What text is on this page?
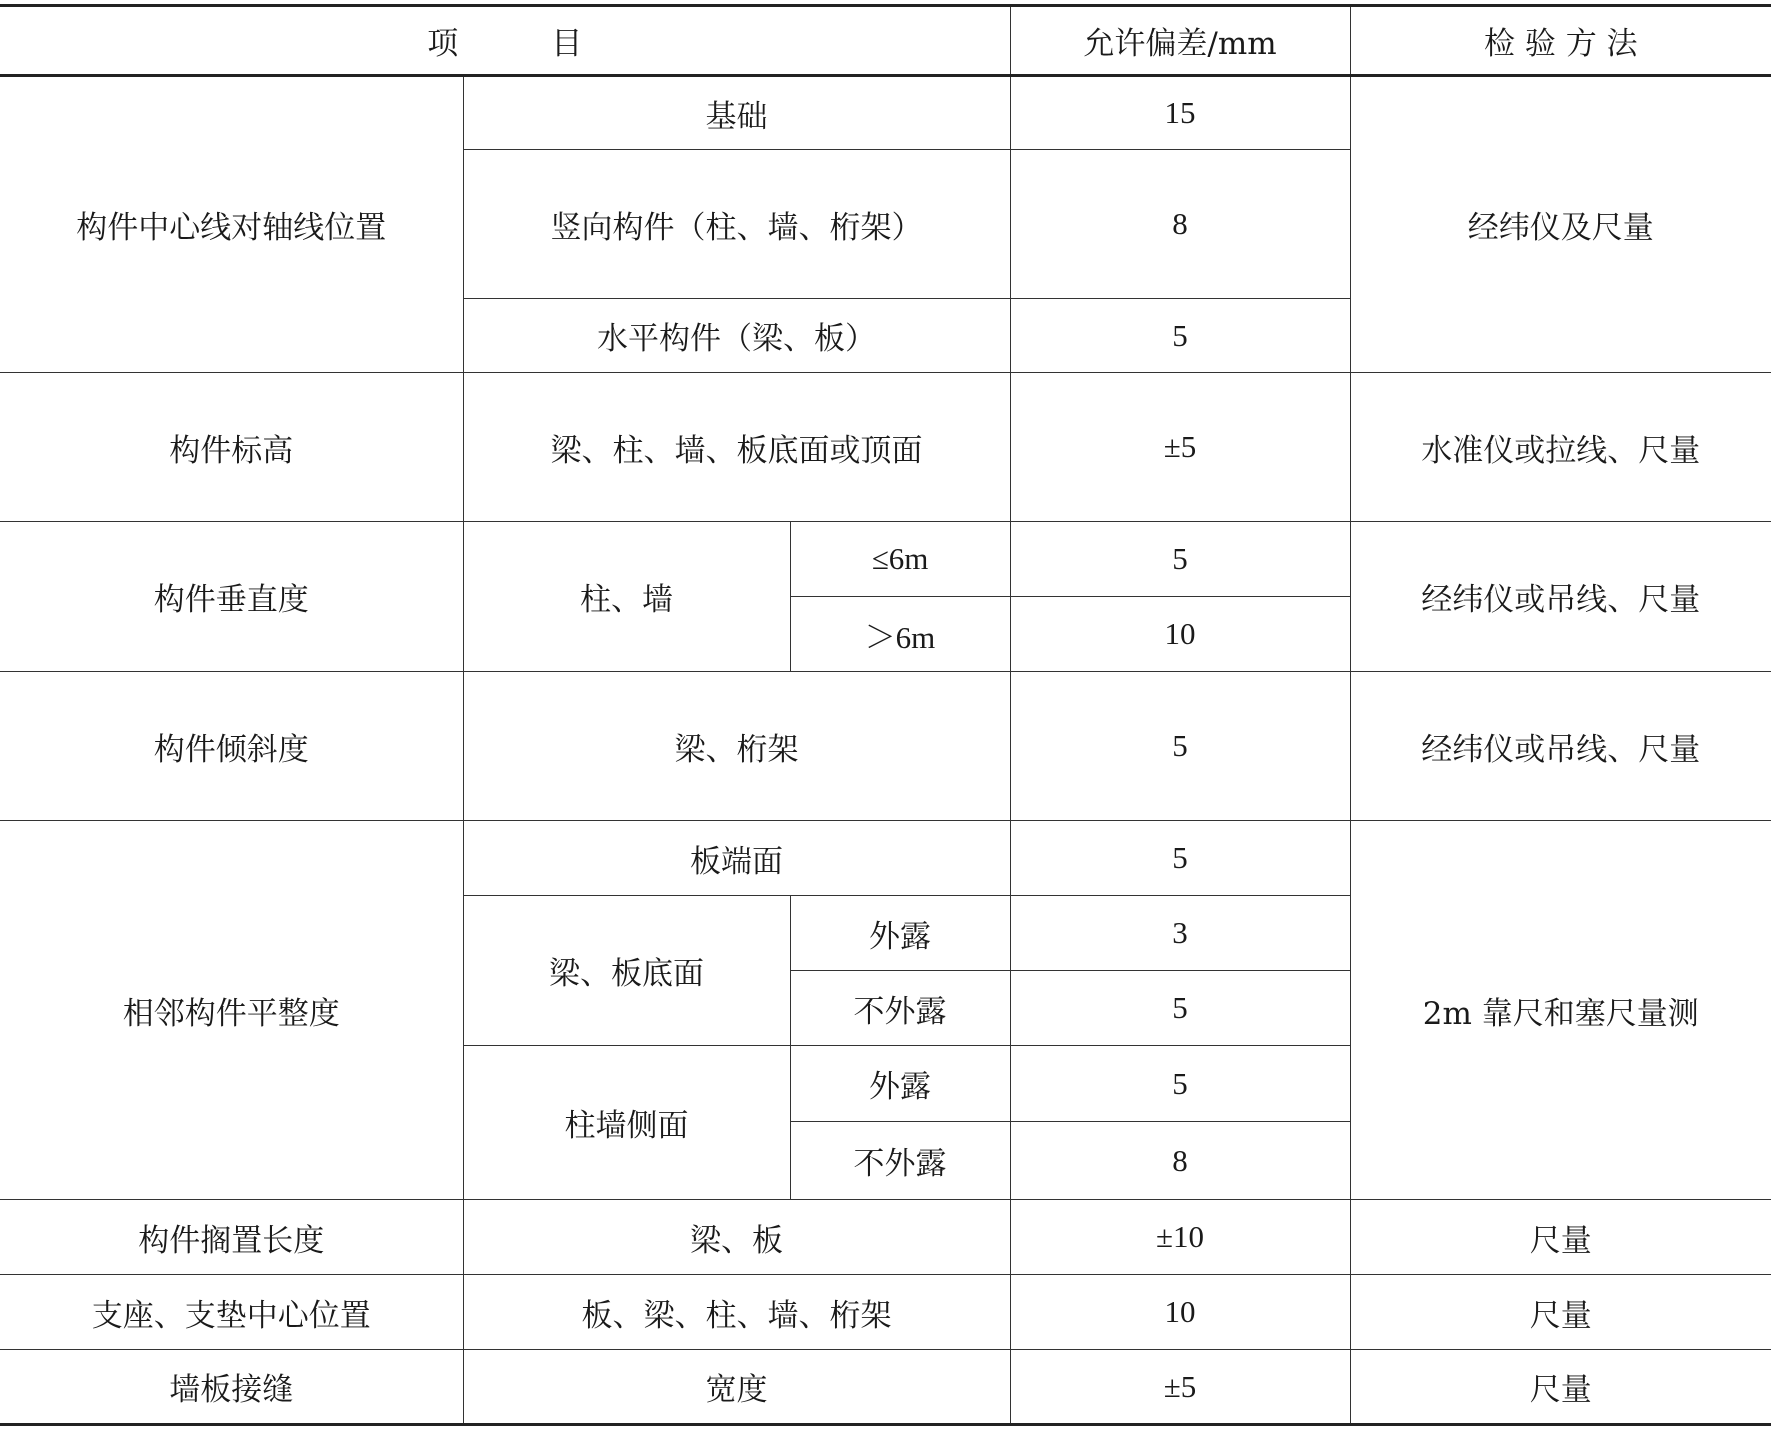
项　　　目			允许偏差/mm	检 验 方 法
构件中心线对轴线位置	基础		15	经纬仪及尺量
	竖向构件（柱、墙、桁架）		8	
	水平构件（梁、板）		5	
构件标高	梁、柱、墙、板底面或顶面		±5	水准仪或拉线、尺量
构件垂直度	柱、墙	≤6m	5	经纬仪或吊线、尺量
		＞6m	10	
构件倾斜度	梁、桁架		5	经纬仪或吊线、尺量
相邻构件平整度	板端面		5	2m 靠尺和塞尺量测
	梁、板底面	外露	3	
		不外露	5	
	柱墙侧面	外露	5	
		不外露	8	
构件搁置长度	梁、板		±10	尺量
支座、支垫中心位置	板、梁、柱、墙、桁架		10	尺量
墙板接缝	宽度		±5	尺量
